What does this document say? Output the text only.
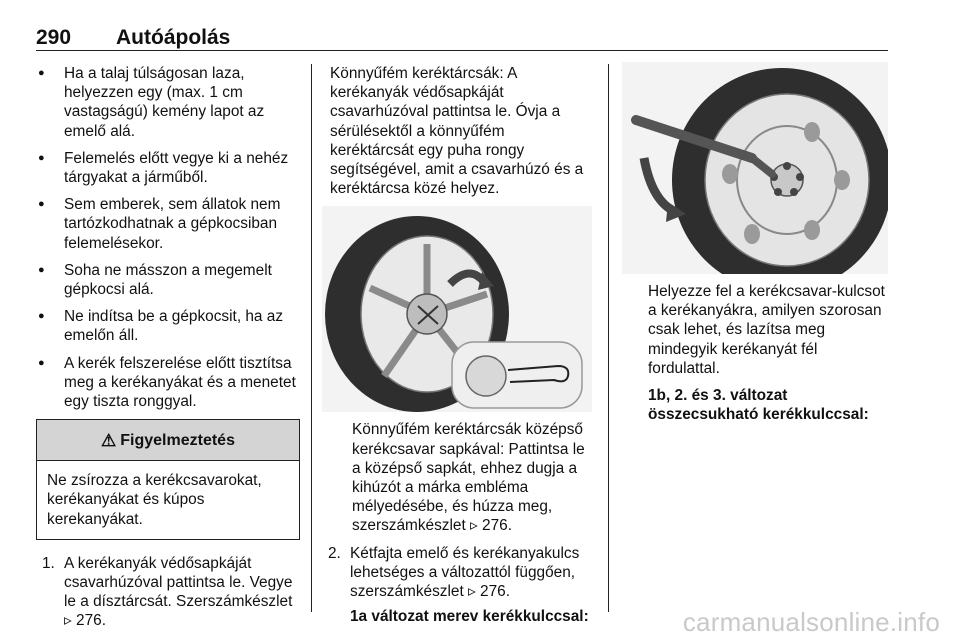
290 Autóápolás
● Ha a talaj túlságosan laza, helyezzen egy (max. 1 cm vastagságú) kemény lapot az emelő alá.
● Felemelés előtt vegye ki a nehéz tárgyakat a járműből.
● Sem emberek, sem állatok nem tartózkodhatnak a gépkocsiban felemelésekor.
● Soha ne másszon a megemelt gépkocsi alá.
● Ne indítsa be a gépkocsit, ha az emelőn áll.
● A kerék felszerelése előtt tisztítsa meg a kerékanyákat és a menetet egy tiszta ronggyal.
⚠ Figyelmeztetés
Ne zsírozza a kerékcsavarokat, kerékanyákat és kúpos kerekanyákat.
1. A kerékanyák védősapkáját csavarhúzóval pattintsa le. Vegye le a dísztárcsát. Szerszámkészlet  ▹ 276.

Könnyűfém keréktárcsák: A kerékanyák védősapkáját csavarhúzóval pattintsa le. Óvja a sérülésektől a könnyűfém keréktárcsát egy puha rongy segítségével, amit a csavarhúzó és a keréktárcsa közé helyez.

Könnyűfém keréktárcsák középső kerékcsavar sapkával: Pattintsa le a középső sapkát, ehhez dugja a kihúzót a márka embléma mélyedésébe, és húzza meg, szerszámkészlet ▹ 276.

2. Kétfajta emelő és kerékanyakulcs lehetséges a változattól függően, szerszámkészlet ▹ 276.

1a változat merev kerékkulccsal:

Helyezze fel a kerékcsavar-kulcsot a kerékanyákra, amilyen szorosan csak lehet, és lazítsa meg mindegyik kerékanyát fél fordulattal.

1b, 2. és 3. változat összecsukható kerékkulccsal:

carmanualsonline.info
